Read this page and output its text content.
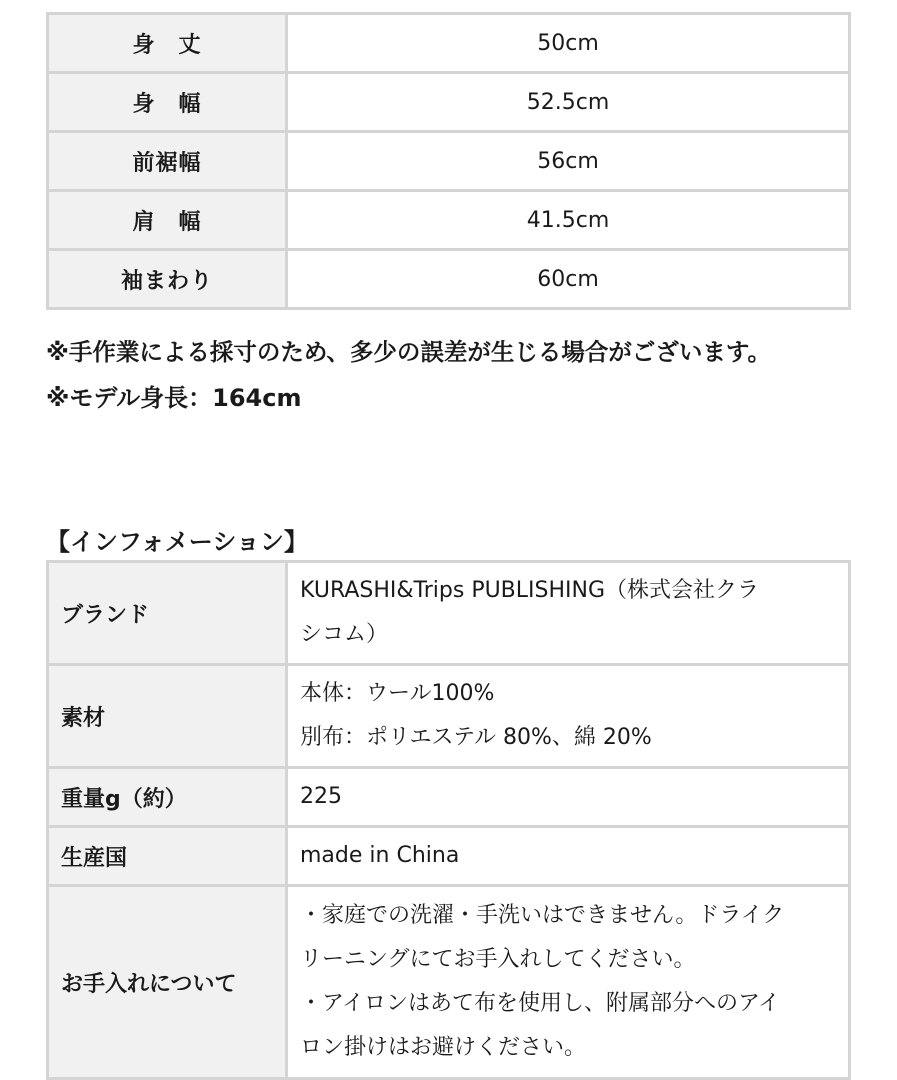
身　丈	50cm
身　幅	52.5cm
前裾幅	56cm
肩　幅	41.5cm
袖まわり	60cm
※手作業による採寸のため、多少の誤差が生じる場合がございます。
※モデル身長：164cm
【インフォメーション】
ブランド	KURASHI&Trips PUBLISHING（株式会社クラ
シコム）

素材	本体：ウール100%
別布：ポリエステル 80%、綿 20%

重量g（約）	225

生産国	made in China

お手入れについて	・家庭での洗濯・手洗いはできません。ドライク
リーニングにてお手入れしてください。
・アイロンはあて布を使用し、附属部分へのアイ
ロン掛けはお避けください。
